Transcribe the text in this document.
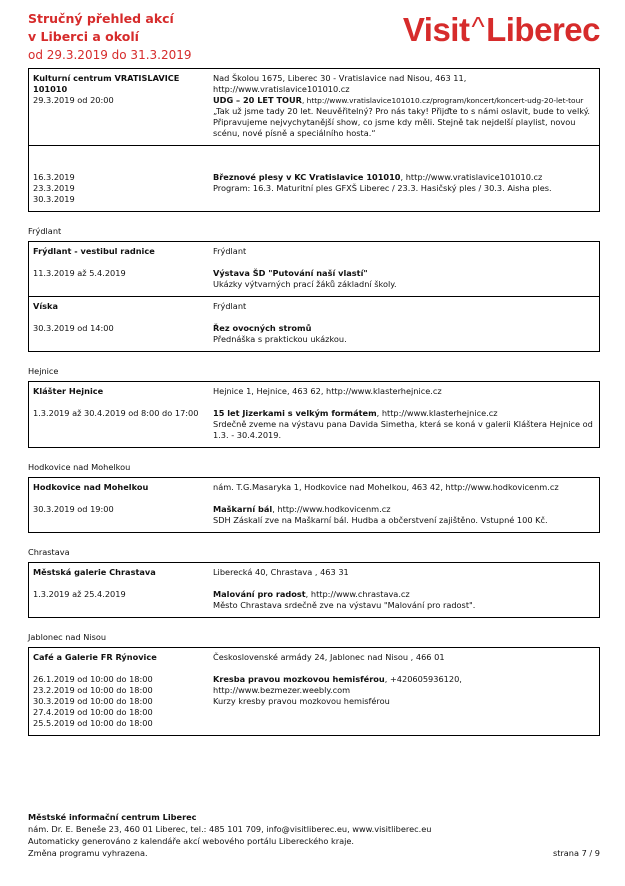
Stručný přehled akcí
v Liberci a okolí
od 29.3.2019 do 31.3.2019
Visit^Liberec
Kulturní centrum VRATISLAVICE 101010
29.3.2019 od 20:00
Nad Školou 1675, Liberec 30 - Vratislavice nad Nisou, 463 11, http://www.vratislavice101010.cz
UDG – 20 LET TOUR, http://www.vratislavice101010.cz/program/koncert/koncert-udg-20-let-tour
„Tak už jsme tady 20 let. Neuvěřitelný? Pro nás taky! Přijďte to s námi oslavit, bude to velký. Připravujeme nejvychytanější show, co jsme kdy měli. Stejně tak nejdelší playlist, novou scénu, nové písně a speciálního hosta.“
16.3.2019
23.3.2019
30.3.2019
Březnové plesy v KC Vratislavice 101010, http://www.vratislavice101010.cz
Program: 16.3. Maturitní ples GFXŠ Liberec / 23.3. Hasičský ples / 30.3. Aisha ples.
Frýdlant
Frýdlant - vestibul radnice
11.3.2019 až 5.4.2019
Frýdlant
Výstava ŠD "Putování naší vlastí"
Ukázky výtvarných prací žáků základní školy.
Víska
30.3.2019 od 14:00
Frýdlant
Řez ovocných stromů
Přednáška s praktickou ukázkou.
Hejnice
Klášter Hejnice
1.3.2019 až 30.4.2019 od 8:00 do 17:00
Hejnice 1, Hejnice, 463 62, http://www.klasterhejnice.cz
15 let Jizerkami s velkým formátem, http://www.klasterhejnice.cz
Srdečně zveme na výstavu pana Davida Simetha, která se koná v galerii Kláštera Hejnice od 1.3. - 30.4.2019.
Hodkovice nad Mohelkou
Hodkovice nad Mohelkou
30.3.2019 od 19:00
nám. T.G.Masaryka 1, Hodkovice nad Mohelkou, 463 42, http://www.hodkovicenm.cz
Maškarní bál, http://www.hodkovicenm.cz
SDH Záskalí zve na Maškarní bál. Hudba a občerstvení zajištěno. Vstupné 100 Kč.
Chrastava
Městská galerie Chrastava
1.3.2019 až 25.4.2019
Liberecká 40, Chrastava , 463 31
Malování pro radost, http://www.chrastava.cz
Město Chrastava srdečně zve na výstavu "Malování pro radost".
Jablonec nad Nisou
Café a Galerie FR Rýnovice
26.1.2019 od 10:00 do 18:00
23.2.2019 od 10:00 do 18:00
30.3.2019 od 10:00 do 18:00
27.4.2019 od 10:00 do 18:00
25.5.2019 od 10:00 do 18:00
Československé armády 24, Jablonec nad Nisou , 466 01
Kresba pravou mozkovou hemisférou, +420605936120, http://www.bezmezer.weebly.com
Kurzy kresby pravou mozkovou hemisférou
Městské informační centrum Liberec
nám. Dr. E. Beneše 23, 460 01 Liberec, tel.: 485 101 709, info@visitliberec.eu, www.visitliberec.eu
Automaticky generováno z kalendáře akcí webového portálu Libereckého kraje.
Změna programu vyhrazena.	strana 7 / 9
